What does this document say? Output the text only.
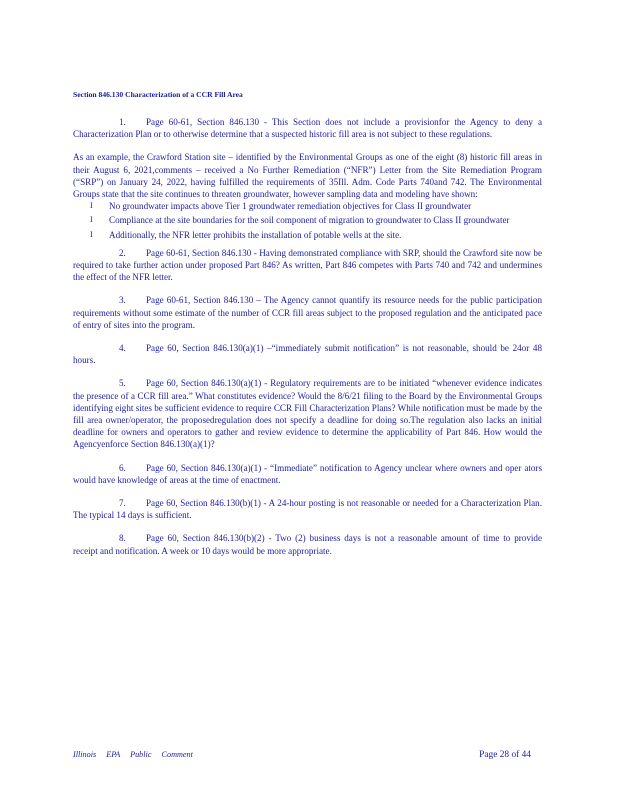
Section 846.130 Characterization of a CCR Fill Area

1. Page 60-61, Section 846.130 - This Section does not include a provisionfor the Agency to deny a Characterization Plan or to otherwise determine that a suspected historic fill area is not subject to these regulations.

As an example, the Crawford Station site – identified by the Environmental Groups as one of the eight (8) historic fill areas in their August 6, 2021,comments – received a No Further Remediation (“NFR”) Letter from the Site Remediation Program (“SRP”) on January 24, 2022, having fulfilled the requirements of 35Ill. Adm. Code Parts 740and 742. The Environmental Groups state that the site continues to threaten groundwater, however sampling data and modeling have shown:

I No groundwater impacts above Tier 1 groundwater remediation objectives for Class II groundwater
I Compliance at the site boundaries for the soil component of migration to groundwater to Class II groundwater
I Additionally, the NFR letter prohibits the installation of potable wells at the site.

2. Page 60-61, Section 846.130 - Having demonstrated compliance with SRP, should the Crawford site now be required to take further action under proposed Part 846? As written, Part 846 competes with Parts 740 and 742 and undermines the effect of the NFR letter.

3. Page 60-61, Section 846.130 – The Agency cannot quantify its resource needs for the public participation requirements without some estimate of the number of CCR fill areas subject to the proposed regulation and the anticipated pace of entry of sites into the program.

4. Page 60, Section 846.130(a)(1) –“immediately submit notification” is not reasonable, should be 24or 48 hours.

5. Page 60, Section 846.130(a)(1) - Regulatory requirements are to be initiated “whenever evidence indicates the presence of a CCR fill area.” What constitutes evidence? Would the 8/6/21 filing to the Board by the Environmental Groups identifying eight sites be sufficient evidence to require CCR Fill Characterization Plans? While notification must be made by the fill area owner/operator, the proposedregulation does not specify a deadline for doing so.The regulation also lacks an initial deadline for owners and operators to gather and review evidence to determine the applicability of Part 846. How would the Agencyenforce Section 846.130(a)(1)?

6. Page 60, Section 846.130(a)(1) - “Immediate” notification to Agency unclear where owners and oper ators would have knowledge of areas at the time of enactment.

7. Page 60, Section 846.130(b)(1) - A 24-hour posting is not reasonable or needed for a Characterization Plan. The typical 14 days is sufficient.

8. Page 60, Section 846.130(b)(2) - Two (2) business days is not a reasonable amount of time to provide receipt and notification. A week or 10 days would be more appropriate.

Illinois EPA Public Comment	Page 28 of 44
